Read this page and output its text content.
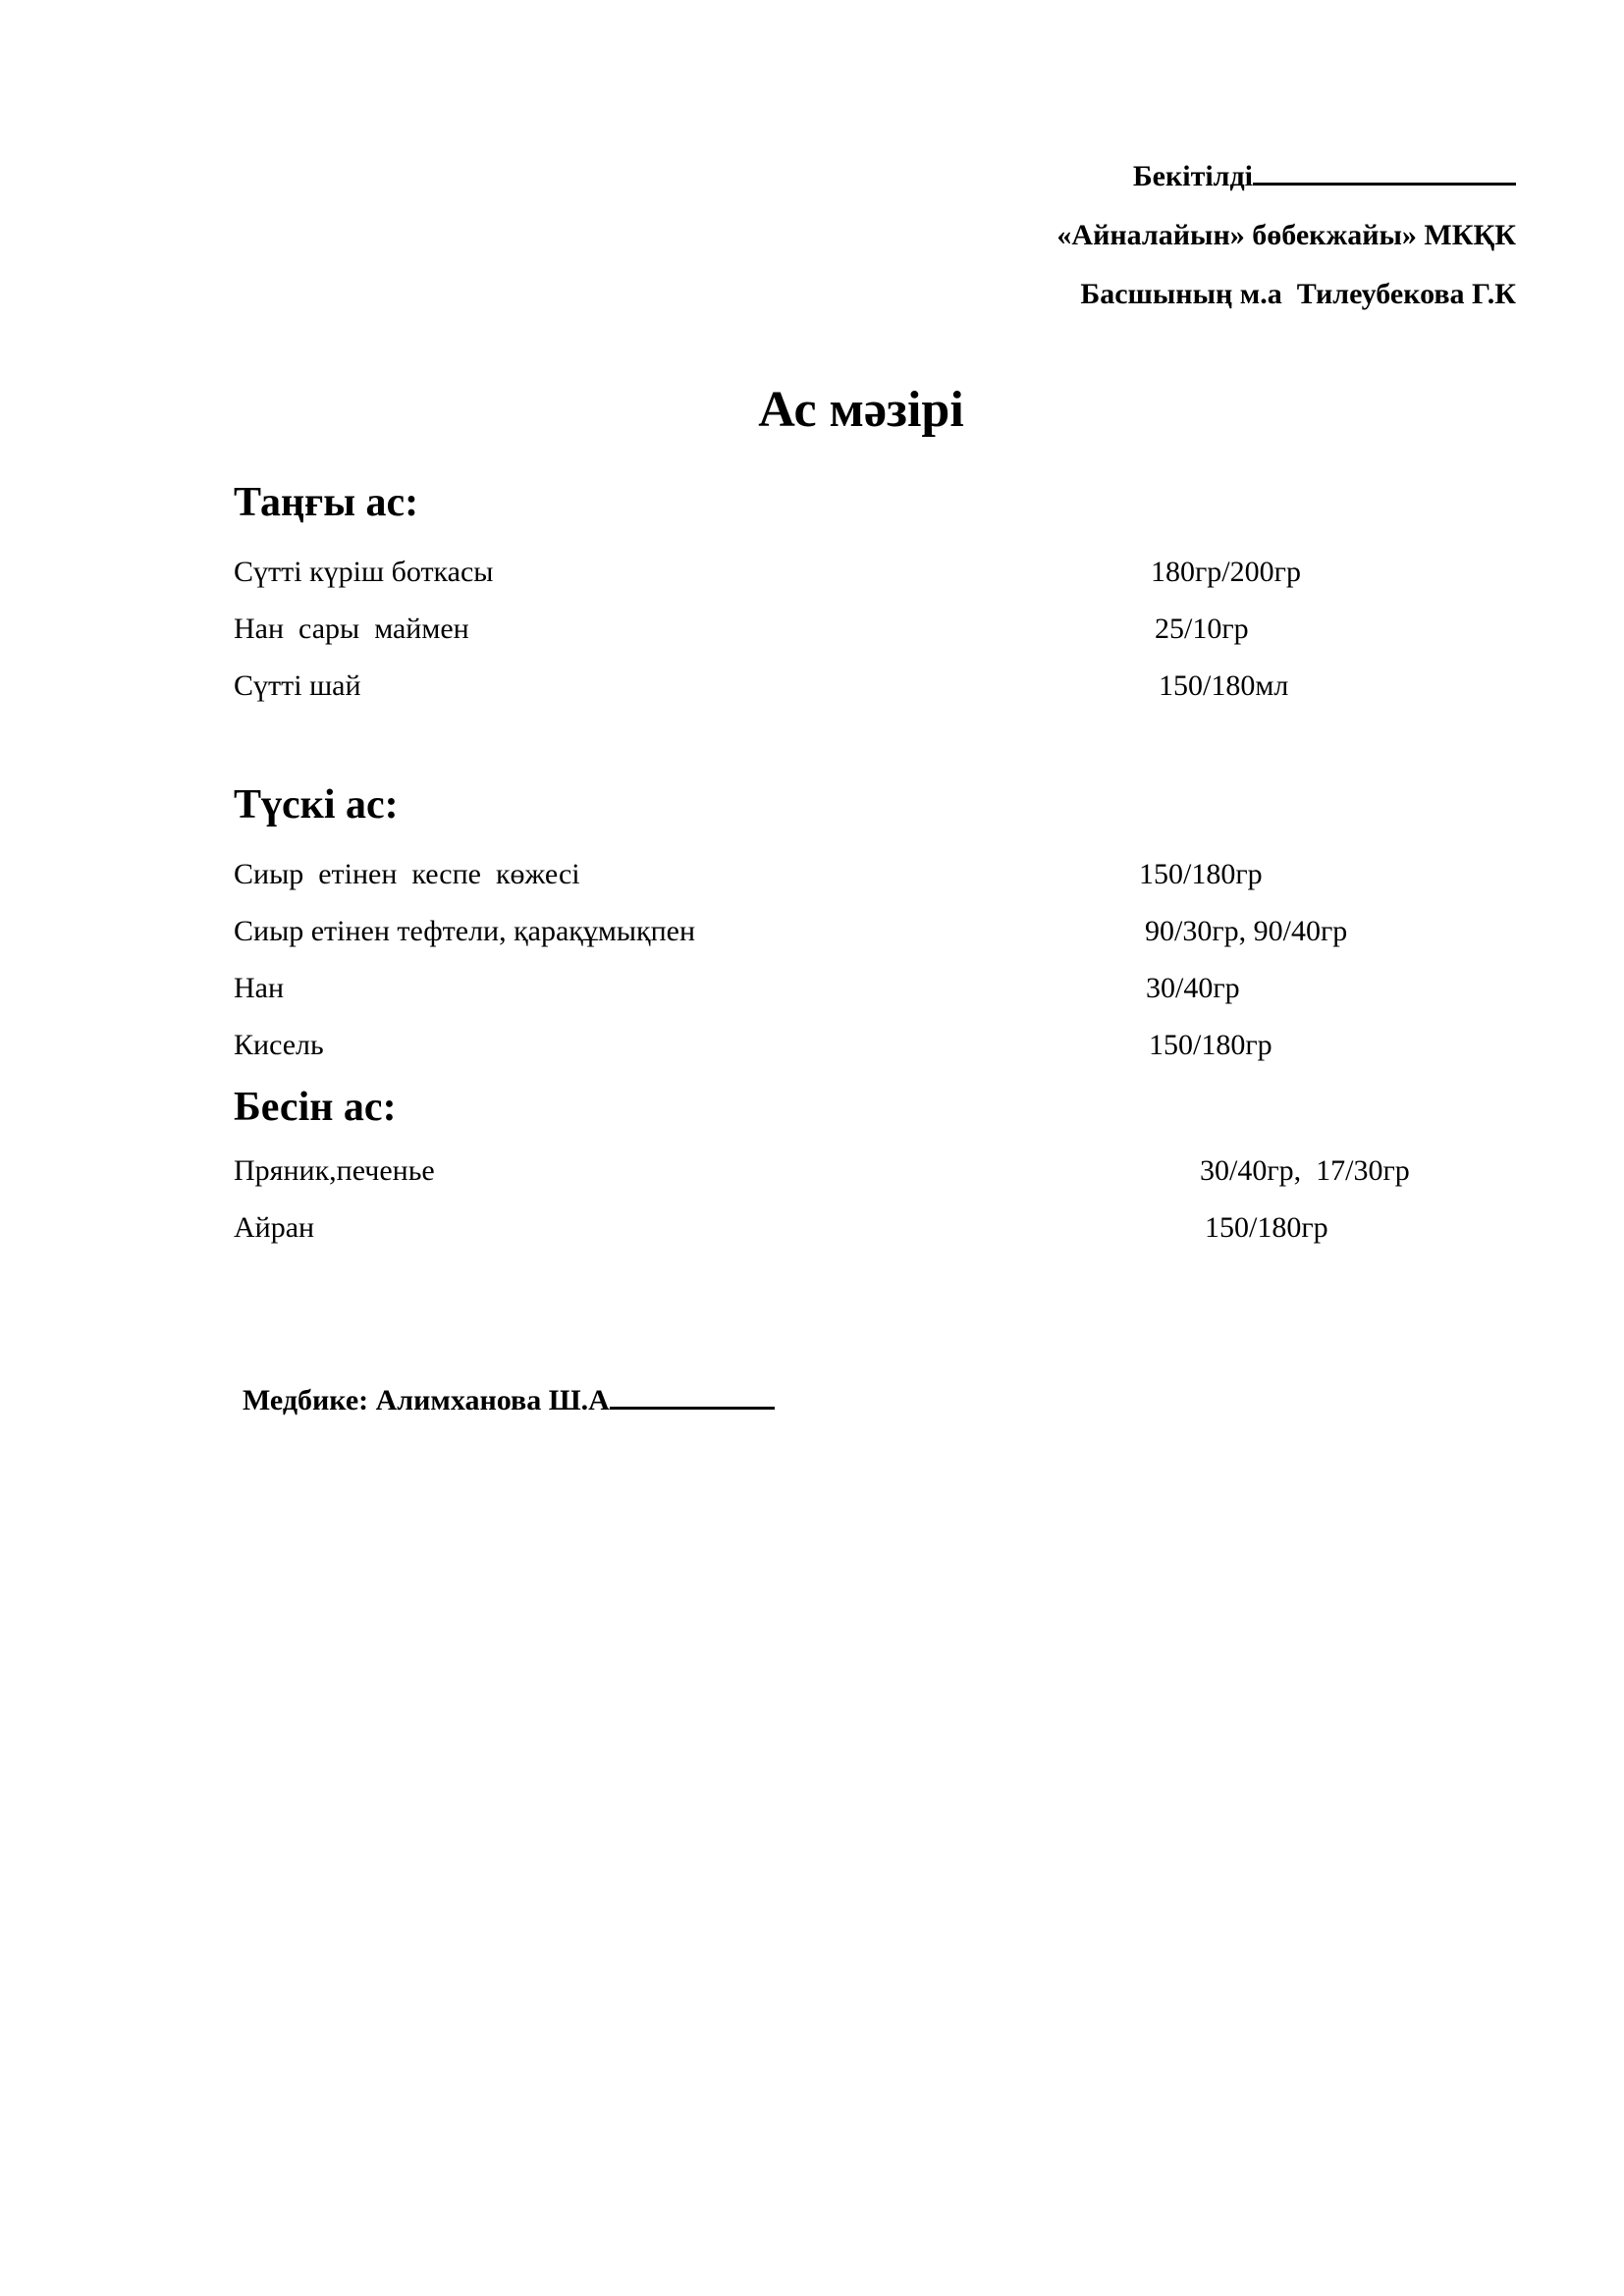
Бекітілді
«Айналайын» бөбекжайы» МКҚК
Басшының м.а  Тилеубекова Г.К
Ас мәзірі
Таңғы ас:
Сүтті күріш боткасы	180гр/200гр
Нан  сары  маймен	25/10гр
Сүтті шай	150/180мл
Түскі ас:
Сиыр  етінен  кеспе  көжесі	150/180гр
Сиыр етінен тефтели, қарақұмықпен	90/30гр, 90/40гр
Нан	30/40гр
Кисель	150/180гр
Бесін ас:
Пряник,печенье	30/40гр,  17/30гр
Айран	150/180гр
Медбике: Алимханова Ш.А
